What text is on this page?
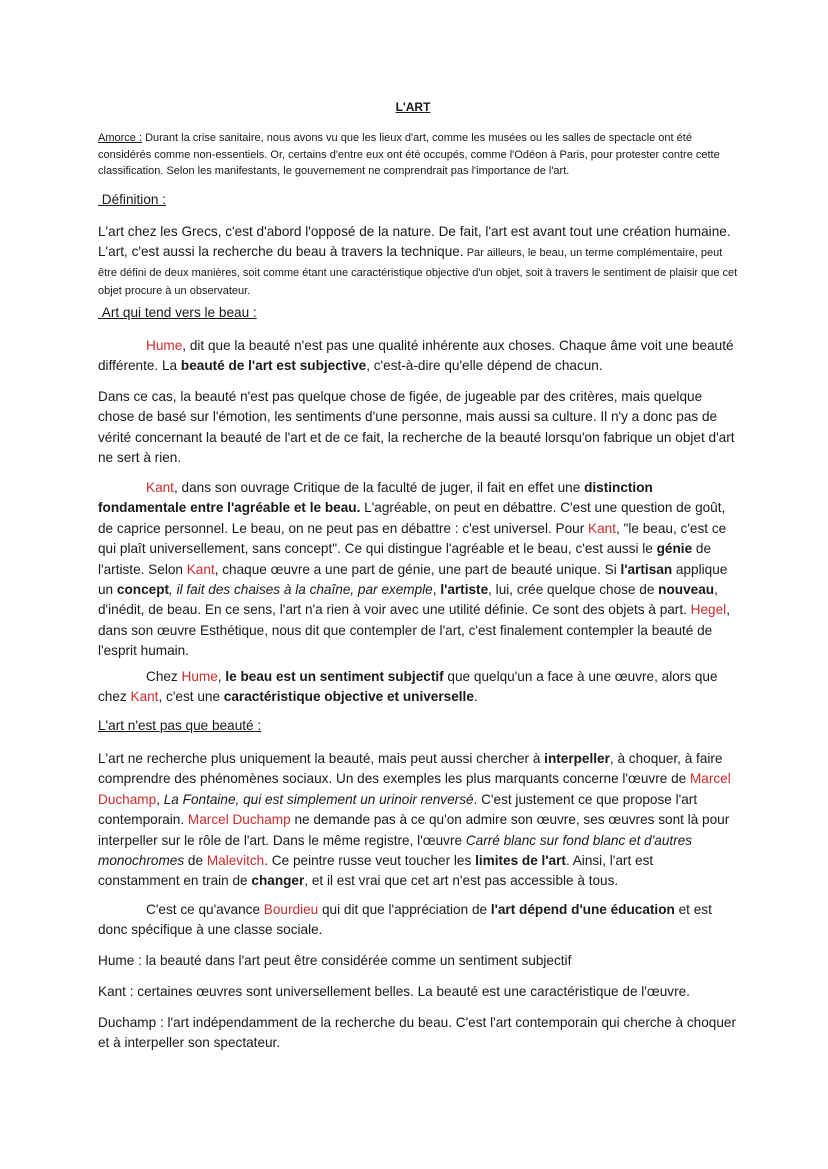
L'ART

Amorce : Durant la crise sanitaire, nous avons vu que les lieux d'art, comme les musées ou les salles de spectacle ont été considérés comme non-essentiels. Or, certains d'entre eux ont été occupés, comme l'Odéon à Paris, pour protester contre cette classification. Selon les manifestants, le gouvernement ne comprendrait pas l'importance de l'art.

Définition :

L'art chez les Grecs, c'est d'abord l'opposé de la nature. De fait, l'art est avant tout une création humaine. L'art, c'est aussi la recherche du beau à travers la technique. Par ailleurs, le beau, un terme complémentaire, peut être défini de deux manières, soit comme étant une caractéristique objective d'un objet, soit à travers le sentiment de plaisir que cet objet procure à un observateur.

Art qui tend vers le beau :

Hume, dit que la beauté n'est pas une qualité inhérente aux choses. Chaque âme voit une beauté différente. La beauté de l'art est subjective, c'est-à-dire qu'elle dépend de chacun.

Dans ce cas, la beauté n'est pas quelque chose de figée, de jugeable par des critères, mais quelque chose de basé sur l'émotion, les sentiments d'une personne, mais aussi sa culture. Il n'y a donc pas de vérité concernant la beauté de l'art et de ce fait, la recherche de la beauté lorsqu'on fabrique un objet d'art ne sert à rien.

Kant, dans son ouvrage Critique de la faculté de juger, il fait en effet une distinction fondamentale entre l'agréable et le beau. L'agréable, on peut en débattre. C'est une question de goût, de caprice personnel. Le beau, on ne peut pas en débattre : c'est universel. Pour Kant, "le beau, c'est ce qui plaît universellement, sans concept". Ce qui distingue l'agréable et le beau, c'est aussi le génie de l'artiste. Selon Kant, chaque œuvre a une part de génie, une part de beauté unique. Si l'artisan applique un concept, il fait des chaises à la chaîne, par exemple, l'artiste, lui, crée quelque chose de nouveau, d'inédit, de beau. En ce sens, l'art n'a rien à voir avec une utilité définie. Ce sont des objets à part. Hegel, dans son œuvre Esthétique, nous dit que contempler de l'art, c'est finalement contempler la beauté de l'esprit humain.

Chez Hume, le beau est un sentiment subjectif que quelqu'un a face à une œuvre, alors que chez Kant, c'est une caractéristique objective et universelle.

L'art n'est pas que beauté :

L'art ne recherche plus uniquement la beauté, mais peut aussi chercher à interpeller, à choquer, à faire comprendre des phénomènes sociaux. Un des exemples les plus marquants concerne l'œuvre de Marcel Duchamp, La Fontaine, qui est simplement un urinoir renversé. C'est justement ce que propose l'art contemporain. Marcel Duchamp ne demande pas à ce qu'on admire son œuvre, ses œuvres sont là pour interpeller sur le rôle de l'art. Dans le même registre, l'œuvre Carré blanc sur fond blanc et d'autres monochromes de Malevitch. Ce peintre russe veut toucher les limites de l'art. Ainsi, l'art est constamment en train de changer, et il est vrai que cet art n'est pas accessible à tous.

C'est ce qu'avance Bourdieu qui dit que l'appréciation de l'art dépend d'une éducation et est donc spécifique à une classe sociale.

Hume : la beauté dans l'art peut être considérée comme un sentiment subjectif

Kant : certaines œuvres sont universellement belles. La beauté est une caractéristique de l'œuvre.

Duchamp : l'art indépendamment de la recherche du beau. C'est l'art contemporain qui cherche à choquer et à interpeller son spectateur.
